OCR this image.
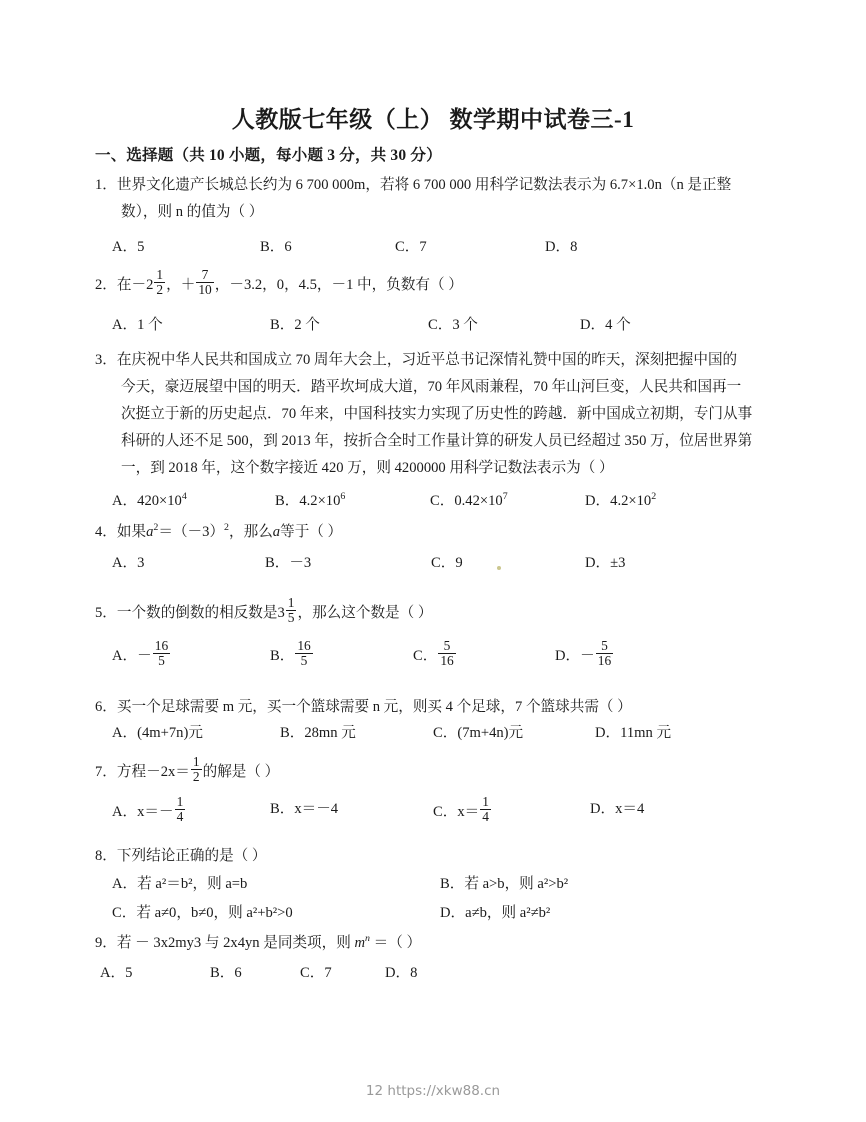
人教版七年级（上） 数学期中试卷三-1
一、选择题（共 10 小题，每小题 3 分，共 30 分）
1．世界文化遗产长城总长约为 6 700 000m，若将 6 700 000 用科学记数法表示为 6.7×1.0n（n 是正整
数），则 n 的值为（ ）
A．5	B．6	C．7	D．8
2．在$-2 \frac{1}{2}$ ，＋ $\frac{7}{10}$ ，－3.2，0，4.5，－1 中，负数有（ ）
A．1 个	B．2 个	C．3 个	D．4 个
3．在庆祝中华人民共和国成立 70 周年大会上，习近平总书记深情礼赞中国的昨天，深刻把握中国的
今天，豪迈展望中国的明天．踏平坎坷成大道，70 年风雨兼程，70 年山河巨变，人民共和国再一
次挺立于新的历史起点．70 年来，中国科技实力实现了历史性的跨越．新中国成立初期，专门从事
科研的人还不足 500，到 2013 年，按折合全时工作量计算的研发人员已经超过 350 万，位居世界第
一，到 2018 年，这个数字接近 420 万，则 4200000 用科学记数法表示为（ ）
A．$420\times 10^4$	B．$4.2\times 10^6$	C．$0.42\times 10^7$	D．$4.2\times 10^2$
4．如果$a^2=(-3)^2$，那么a等于（ ）
A．3	B．－3	C．9	D．±3
5．一个数的倒数的相反数是$3 \frac{1}{5}$ ，那么这个数是（ ）
A．－ $\frac{16}{5}$	B． $\frac{16}{5}$	C． $\frac{5}{16}$	D．－ $\frac{5}{16}$
6．买一个足球需要 m 元，买一个篮球需要 n 元，则买 4 个足球，7 个篮球共需（ ）
A．(4m+7n)元	B．28mn 元	C．(7m+4n)元	D．11mn 元
7．方程$-2x= \frac{1}{2}$ 的解是（ ）
A．$x=- \frac{1}{4}$	B．x＝－4	C．$x= \frac{1}{4}$	D．x＝4
8．下列结论正确的是（ ）
A．若 a²＝b²，则 a=b	B．若 a>b，则 a²>b²
C．若 a≠0，b≠0，则 a²+b²>0	D．a≠b，则 a²≠b²
9．若 － 3x2my3 与 2x4yn 是同类项，则 $m^n$ ＝（ ）
A．5	B．6	C．7	D．8
12 https://xkw88.cn
